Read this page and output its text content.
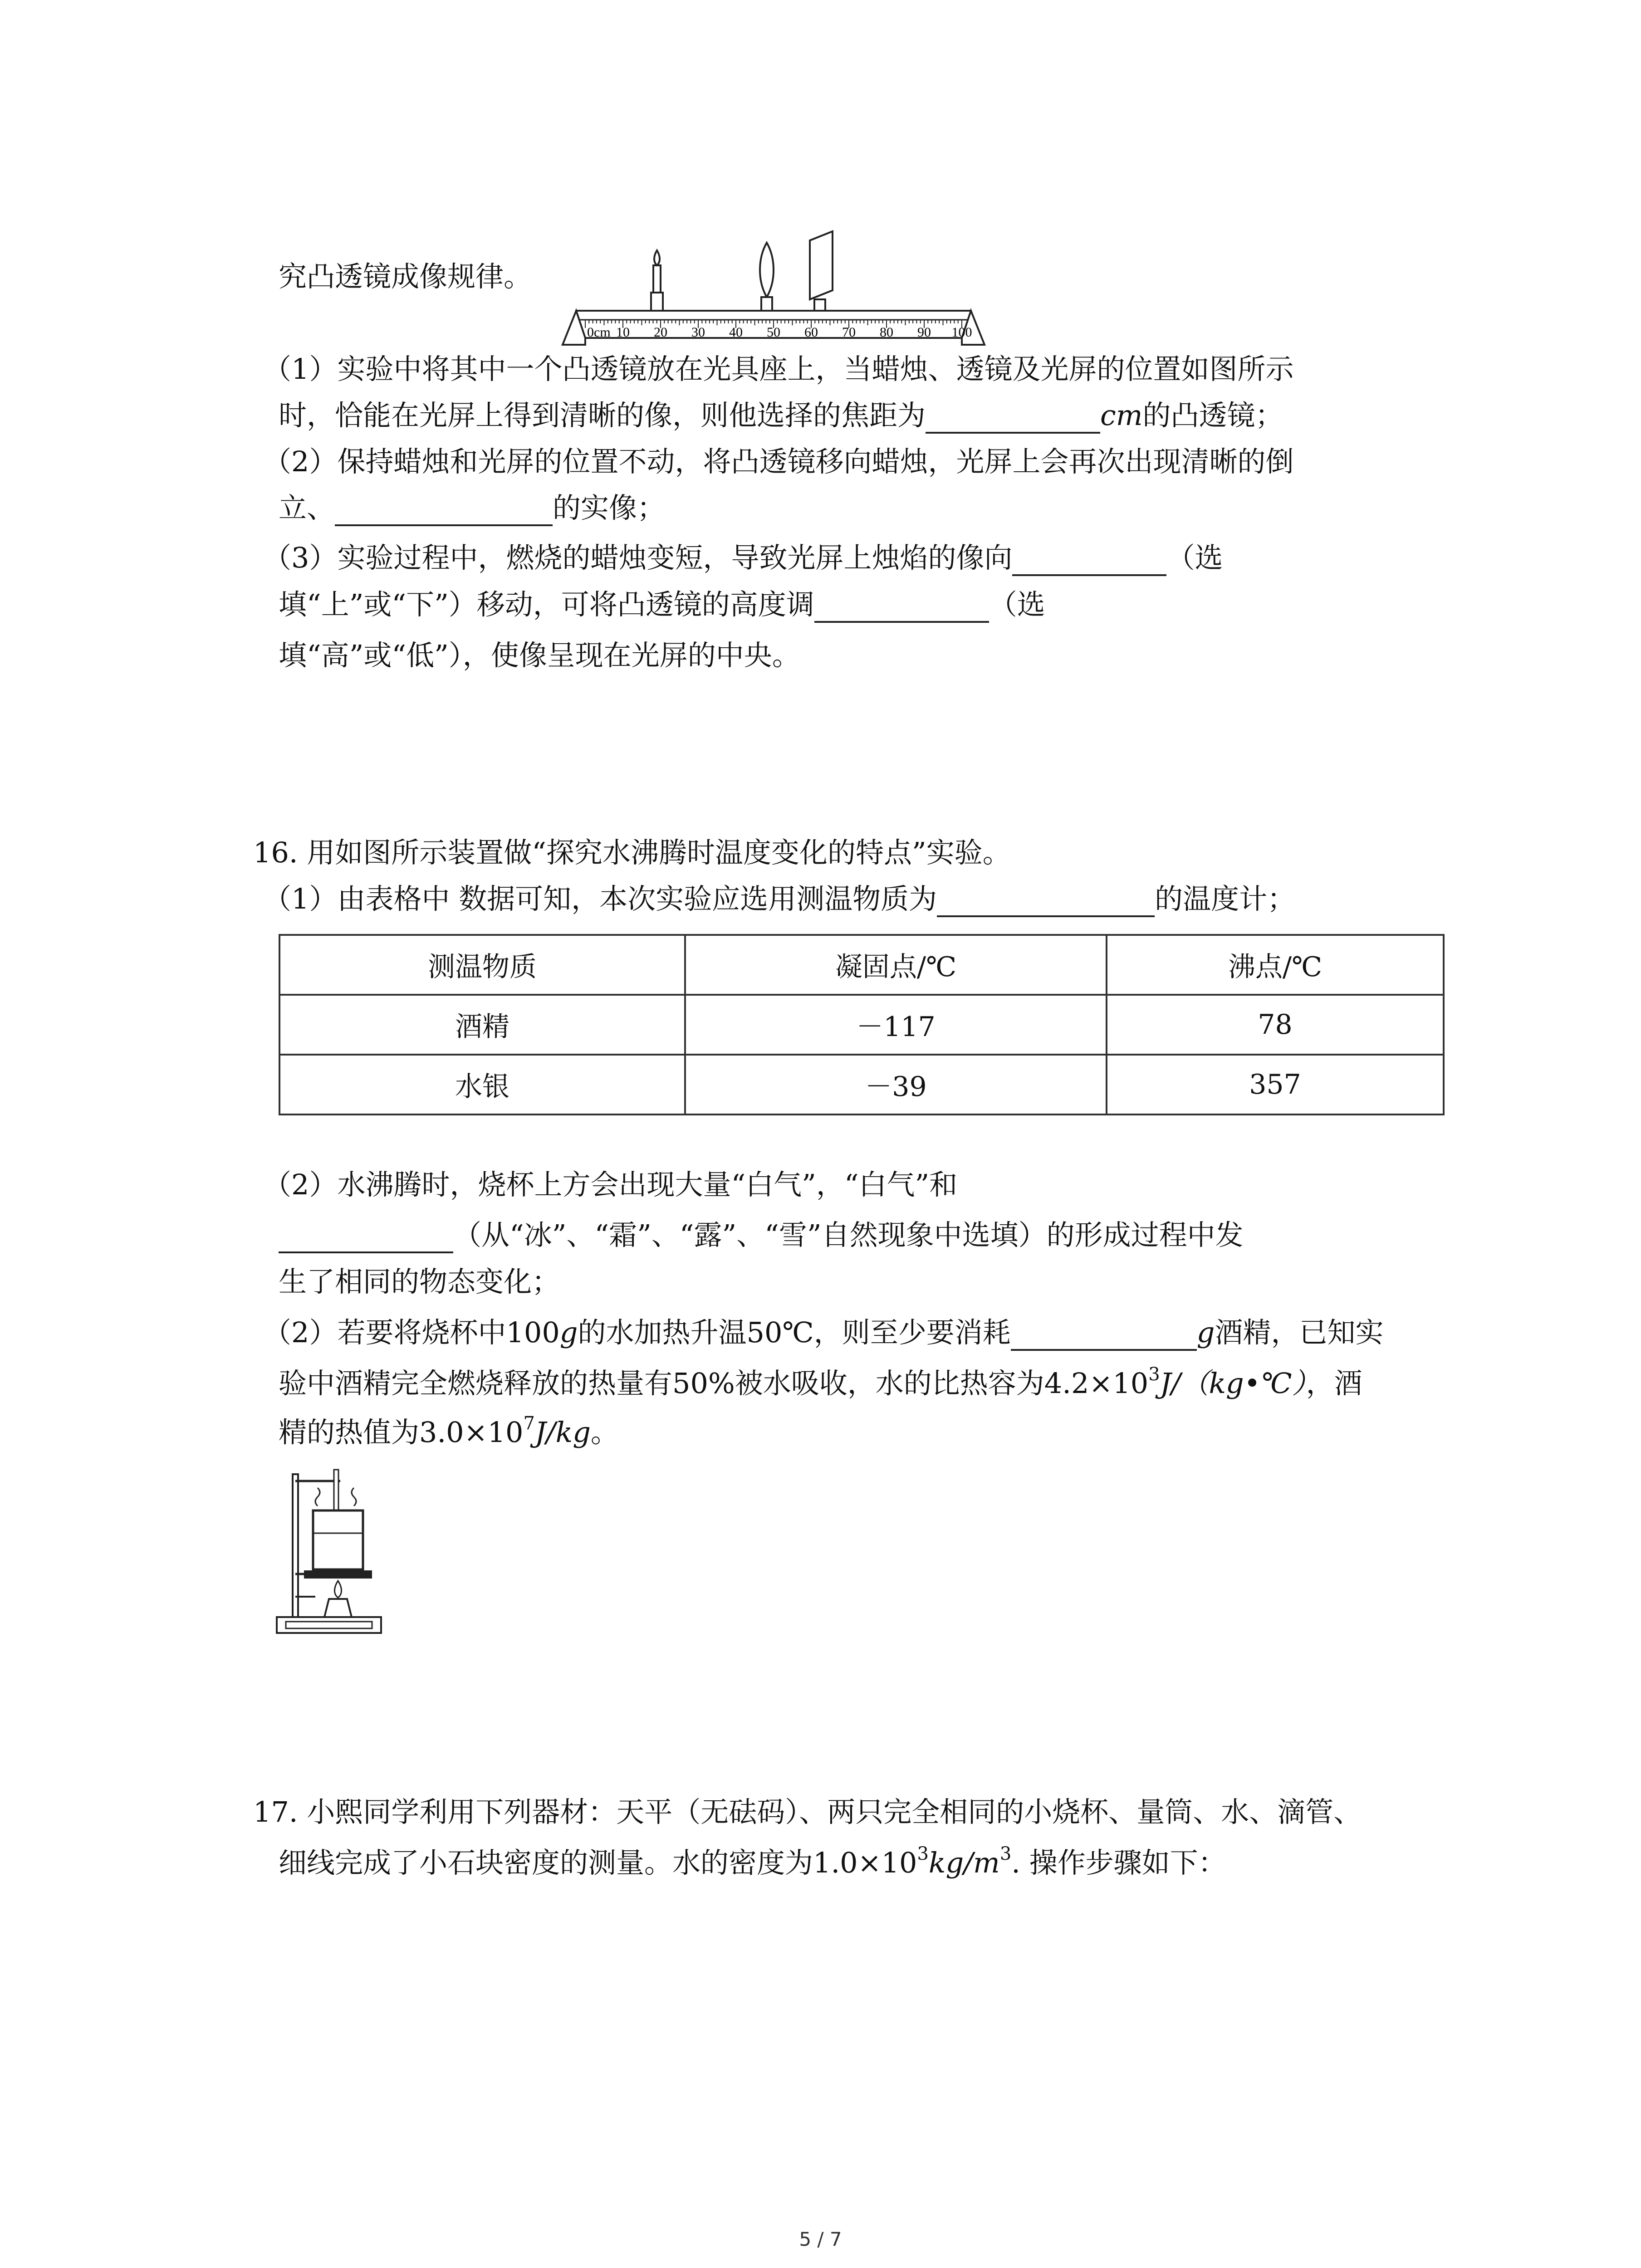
究凸透镜成像规律。
0cm 10 20 30 40 50 60 70 80 90 100
（1）实验中将其中一个凸透镜放在光具座上，当蜡烛、透镜及光屏的位置如图所示
时，恰能在光屏上得到清晰的像，则他选择的焦距为	cm的凸透镜；
（2）保持蜡烛和光屏的位置不动，将凸透镜移向蜡烛，光屏上会再次出现清晰的倒
立、	的实像；
（3）实验过程中，燃烧的蜡烛变短，导致光屏上烛焰的像向	（选
填“上”或“下”）移动，可将凸透镜的高度调	（选
填“高”或“低”），使像呈现在光屏的中央。
16. 用如图所示装置做“探究水沸腾时温度变化的特点”实验。
（1）由表格中 数据可知，本次实验应选用测温物质为	的温度计；
测温物质	凝固点/℃	沸点/℃
酒精	－117	78
水银	－39	357
（2）水沸腾时，烧杯上方会出现大量“白气”，“白气”和
（从“冰”、“霜”、“露”、“雪”自然现象中选填）的形成过程中发
生了相同的物态变化；
（2）若要将烧杯中100g的水加热升温50℃，则至少要消耗	g酒精，已知实
验中酒精完全燃烧释放的热量有50%被水吸收，水的比热容为$4.2\times 10^3J/(kg•℃)$，酒
精的热值为$3.0\times 10^7J/kg$。
17. 小熙同学利用下列器材：天平（无砝码）、两只完全相同的小烧杯、量筒、水、滴管、
细线完成了小石块密度的测量。水的密度为$1.0\times 10^3kg/m^3$. 操作步骤如下：
5 / 7
